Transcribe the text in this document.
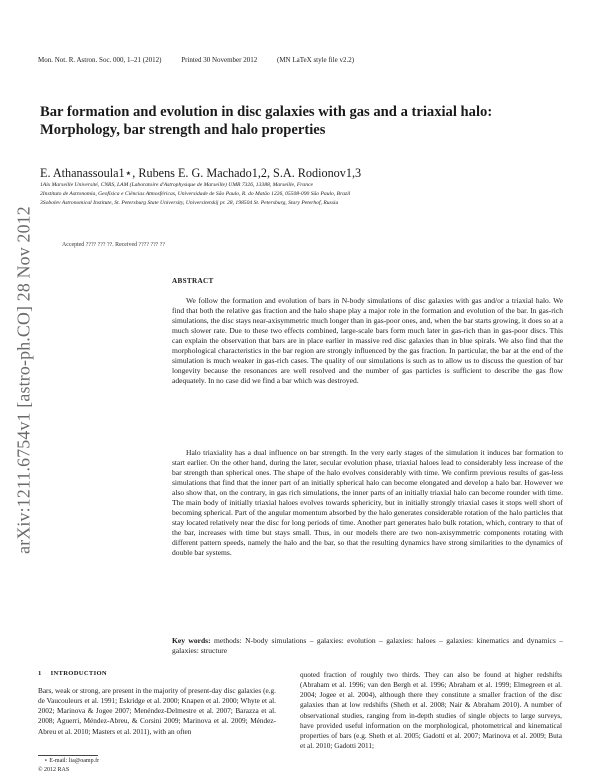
Mon. Not. R. Astron. Soc. 000, 1–21 (2012)	Printed 30 November 2012	(MN LaTeX style file v2.2)
arXiv:1211.6754v1 [astro-ph.CO] 28 Nov 2012
Bar formation and evolution in disc galaxies with gas and a triaxial halo: Morphology, bar strength and halo properties
E. Athanassoula1⋆, Rubens E. G. Machado1,2, S.A. Rodionov1,3
1Aix Marseille Université, CNRS, LAM (Laboratoire d'Astrophysique de Marseille) UMR 7326, 13388, Marseille, France
2Instituto de Astronomia, Geofísica e Ciências Atmosféricas, Universidade de São Paulo, R. do Matão 1226, 05508-090 São Paulo, Brazil
3Sobolev Astronomical Institute, St. Petersburg State University, Universitetskij pr. 28, 198504 St. Petersburg, Stary Peterhof, Russia
Accepted ???? ??? ??. Received ???? ??? ??
ABSTRACT

We follow the formation and evolution of bars in N-body simulations of disc galaxies with gas and/or a triaxial halo. We find that both the relative gas fraction and the halo shape play a major role in the formation and evolution of the bar. In gas-rich simulations, the disc stays near-axisymmetric much longer than in gas-poor ones, and, when the bar starts growing, it does so at a much slower rate. Due to these two effects combined, large-scale bars form much later in gas-rich than in gas-poor discs. This can explain the observation that bars are in place earlier in massive red disc galaxies than in blue spirals. We also find that the morphological characteristics in the bar region are strongly influenced by the gas fraction. In particular, the bar at the end of the simulation is much weaker in gas-rich cases. The quality of our simulations is such as to allow us to discuss the question of bar longevity because the resonances are well resolved and the number of gas particles is sufficient to describe the gas flow adequately. In no case did we find a bar which was destroyed.

Halo triaxiality has a dual influence on bar strength. In the very early stages of the simulation it induces bar formation to start earlier. On the other hand, during the later, secular evolution phase, triaxial haloes lead to considerably less increase of the bar strength than spherical ones. The shape of the halo evolves considerably with time. We confirm previous results of gas-less simulations that find that the inner part of an initially spherical halo can become elongated and develop a halo bar. However we also show that, on the contrary, in gas rich simulations, the inner parts of an initially triaxial halo can become rounder with time. The main body of initially triaxial haloes evolves towards sphericity, but in initially strongly triaxial cases it stops well short of becoming spherical. Part of the angular momentum absorbed by the halo generates considerable rotation of the halo particles that stay located relatively near the disc for long periods of time. Another part generates halo bulk rotation, which, contrary to that of the bar, increases with time but stays small. Thus, in our models there are two non-axisymmetric components rotating with different pattern speeds, namely the halo and the bar, so that the resulting dynamics have strong similarities to the dynamics of double bar systems.

Key words: methods: N-body simulations – galaxies: evolution – galaxies: haloes – galaxies: kinematics and dynamics – galaxies: structure
1 INTRODUCTION

Bars, weak or strong, are present in the majority of present-day disc galaxies (e.g. de Vaucouleurs et al. 1991; Eskridge et al. 2000; Knapen et al. 2000; Whyte et al. 2002; Marinova & Jogee 2007; Menéndez-Delmestre et al. 2007; Barazza et al. 2008; Aguerri, Méndez-Abreu, & Corsini 2009; Marinova et al. 2009; Méndez-Abreu et al. 2010; Masters et al. 2011), with an often

quoted fraction of roughly two thirds. They can also be found at higher redshifts (Abraham et al. 1996; van den Bergh et al. 1996; Abraham et al. 1999; Elmegreen et al. 2004; Jogee et al. 2004), although there they constitute a smaller fraction of the disc galaxies than at low redshifts (Sheth et al. 2008; Nair & Abraham 2010). A number of observational studies, ranging from in-depth studies of single objects to large surveys, have provided useful information on the morphological, photometrical and kinematical properties of bars (e.g. Sheth et al. 2005; Gadotti et al. 2007; Marinova et al. 2009; Buta et al. 2010; Gadotti 2011;

⋆ E-mail: lia@oamp.fr
© 2012 RAS
